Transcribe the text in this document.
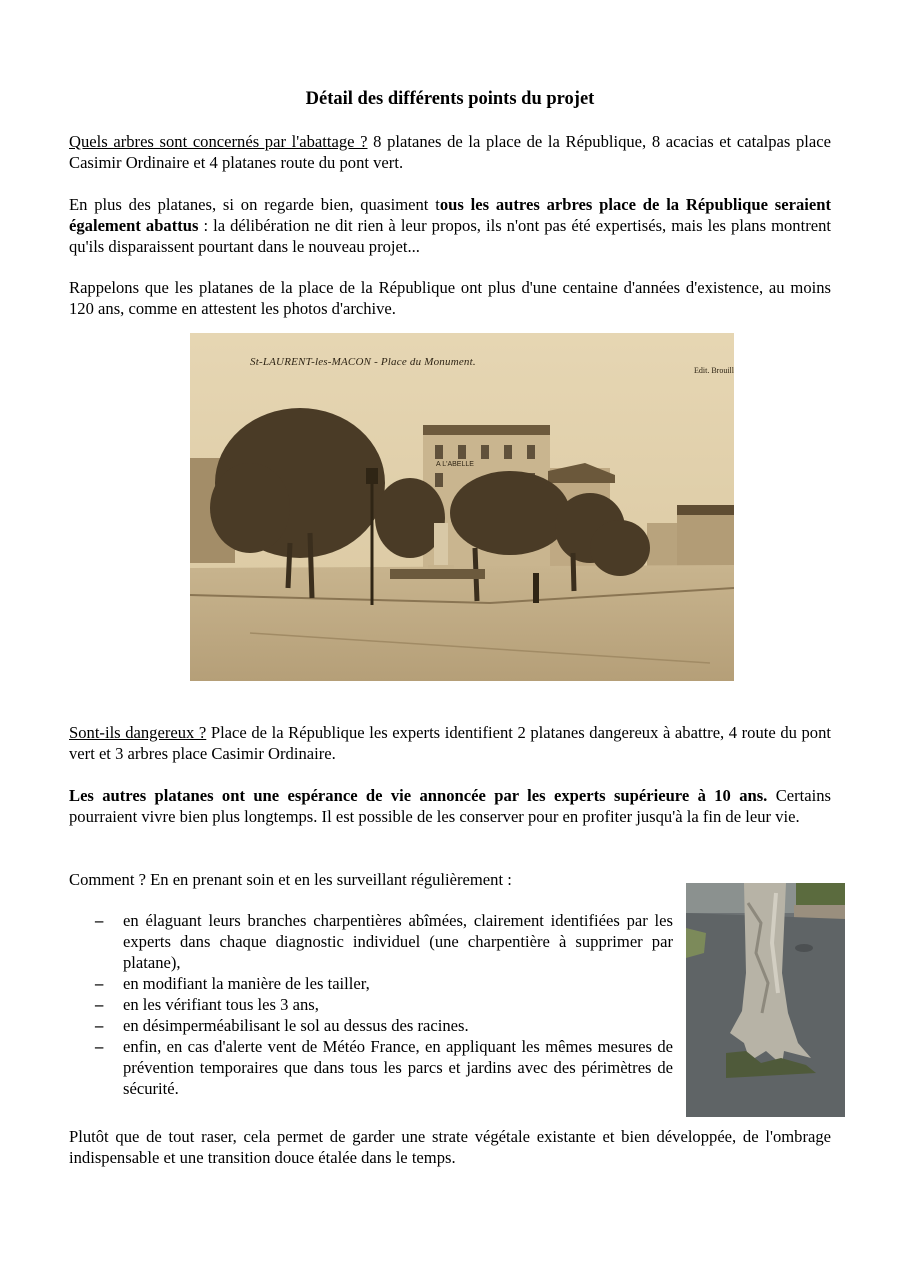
Détail des différents points du projet

Quels arbres sont concernés par l'abattage ? 8 platanes de la place de la République, 8 acacias et catalpas place Casimir Ordinaire et 4 platanes route du pont vert.

En plus des platanes, si on regarde bien, quasiment tous les autres arbres place de la République seraient également abattus : la délibération ne dit rien à leur propos, ils n'ont pas été expertisés, mais les plans montrent qu'ils disparaissent pourtant dans le nouveau projet...

Rappelons que les platanes de la place de la République ont plus d'une centaine d'années d'existence, au moins 120 ans, comme en attestent les photos d'archive.

A L'ABELLE
St-LAURENT-les-MACON - Place du Monument.
Edit. Brouill

Sont-ils dangereux ? Place de la République les experts identifient 2 platanes dangereux à abattre, 4 route du pont vert et 3 arbres place Casimir Ordinaire.

Les autres platanes ont une espérance de vie annoncée par les experts supérieure à 10 ans. Certains pourraient vivre bien plus longtemps. Il est possible de les conserver pour en profiter jusqu'à la fin de leur vie.

Comment ? En en prenant soin et en les surveillant régulièrement :

– en élaguant leurs branches charpentières abîmées, clairement identifiées par les experts dans chaque diagnostic individuel (une charpentière à supprimer par platane),
– en modifiant la manière de les tailler,
– en les vérifiant tous les 3 ans,
– en désimperméabilisant le sol au dessus des racines.
– enfin, en cas d'alerte vent de Météo France, en appliquant les mêmes mesures de prévention temporaires que dans tous les parcs et jardins avec des périmètres de sécurité.

Plutôt que de tout raser, cela permet de garder une strate végétale existante et bien développée, de l'ombrage indispensable et une transition douce étalée dans le temps.
